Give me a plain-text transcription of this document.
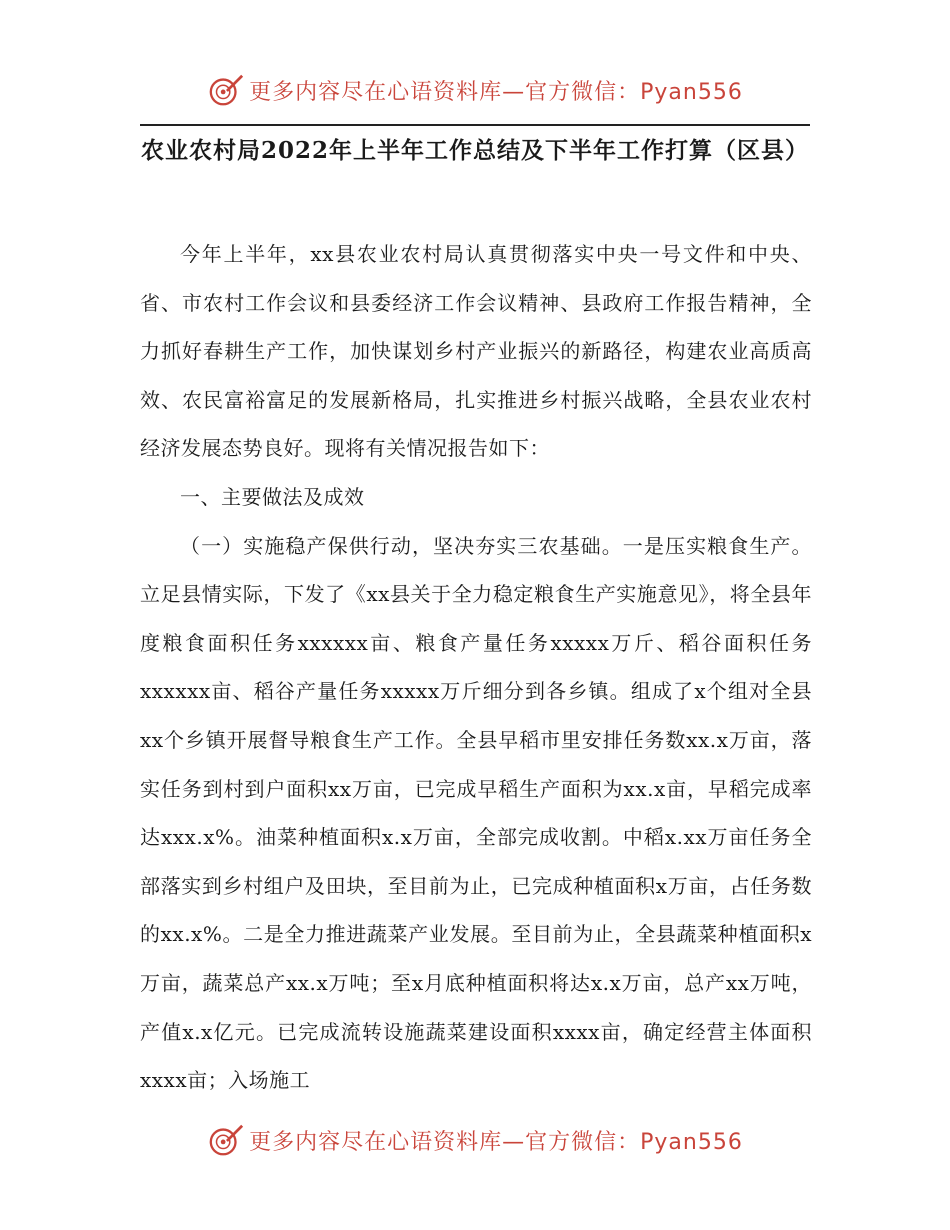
更多内容尽在心语资料库—官方微信：Pyan556
农业农村局2022年上半年工作总结及下半年工作打算（区县）

今年上半年，xx县农业农村局认真贯彻落实中央一号文件和中央、省、市农村工作会议和县委经济工作会议精神、县政府工作报告精神，全力抓好春耕生产工作，加快谋划乡村产业振兴的新路径，构建农业高质高效、农民富裕富足的发展新格局，扎实推进乡村振兴战略，全县农业农村经济发展态势良好。现将有关情况报告如下：

一、主要做法及成效

（一）实施稳产保供行动，坚决夯实三农基础。一是压实粮食生产。立足县情实际，下发了《xx县关于全力稳定粮食生产实施意见》，将全县年度粮食面积任务xxxxxx亩、粮食产量任务xxxxx万斤、稻谷面积任务xxxxxx亩、稻谷产量任务xxxxx万斤细分到各乡镇。组成了x个组对全县xx个乡镇开展督导粮食生产工作。全县早稻市里安排任务数xx.x万亩，落实任务到村到户面积xx万亩，已完成早稻生产面积为xx.x亩，早稻完成率达xxx.x%。油菜种植面积x.x万亩，全部完成收割。中稻x.xx万亩任务全部落实到乡村组户及田块，至目前为止，已完成种植面积x万亩，占任务数的xx.x%。二是全力推进蔬菜产业发展。至目前为止，全县蔬菜种植面积x万亩，蔬菜总产xx.x万吨；至x月底种植面积将达x.x万亩，总产xx万吨，产值x.x亿元。已完成流转设施蔬菜建设面积xxxx亩，确定经营主体面积xxxx亩；入场施工

更多内容尽在心语资料库—官方微信：Pyan556
